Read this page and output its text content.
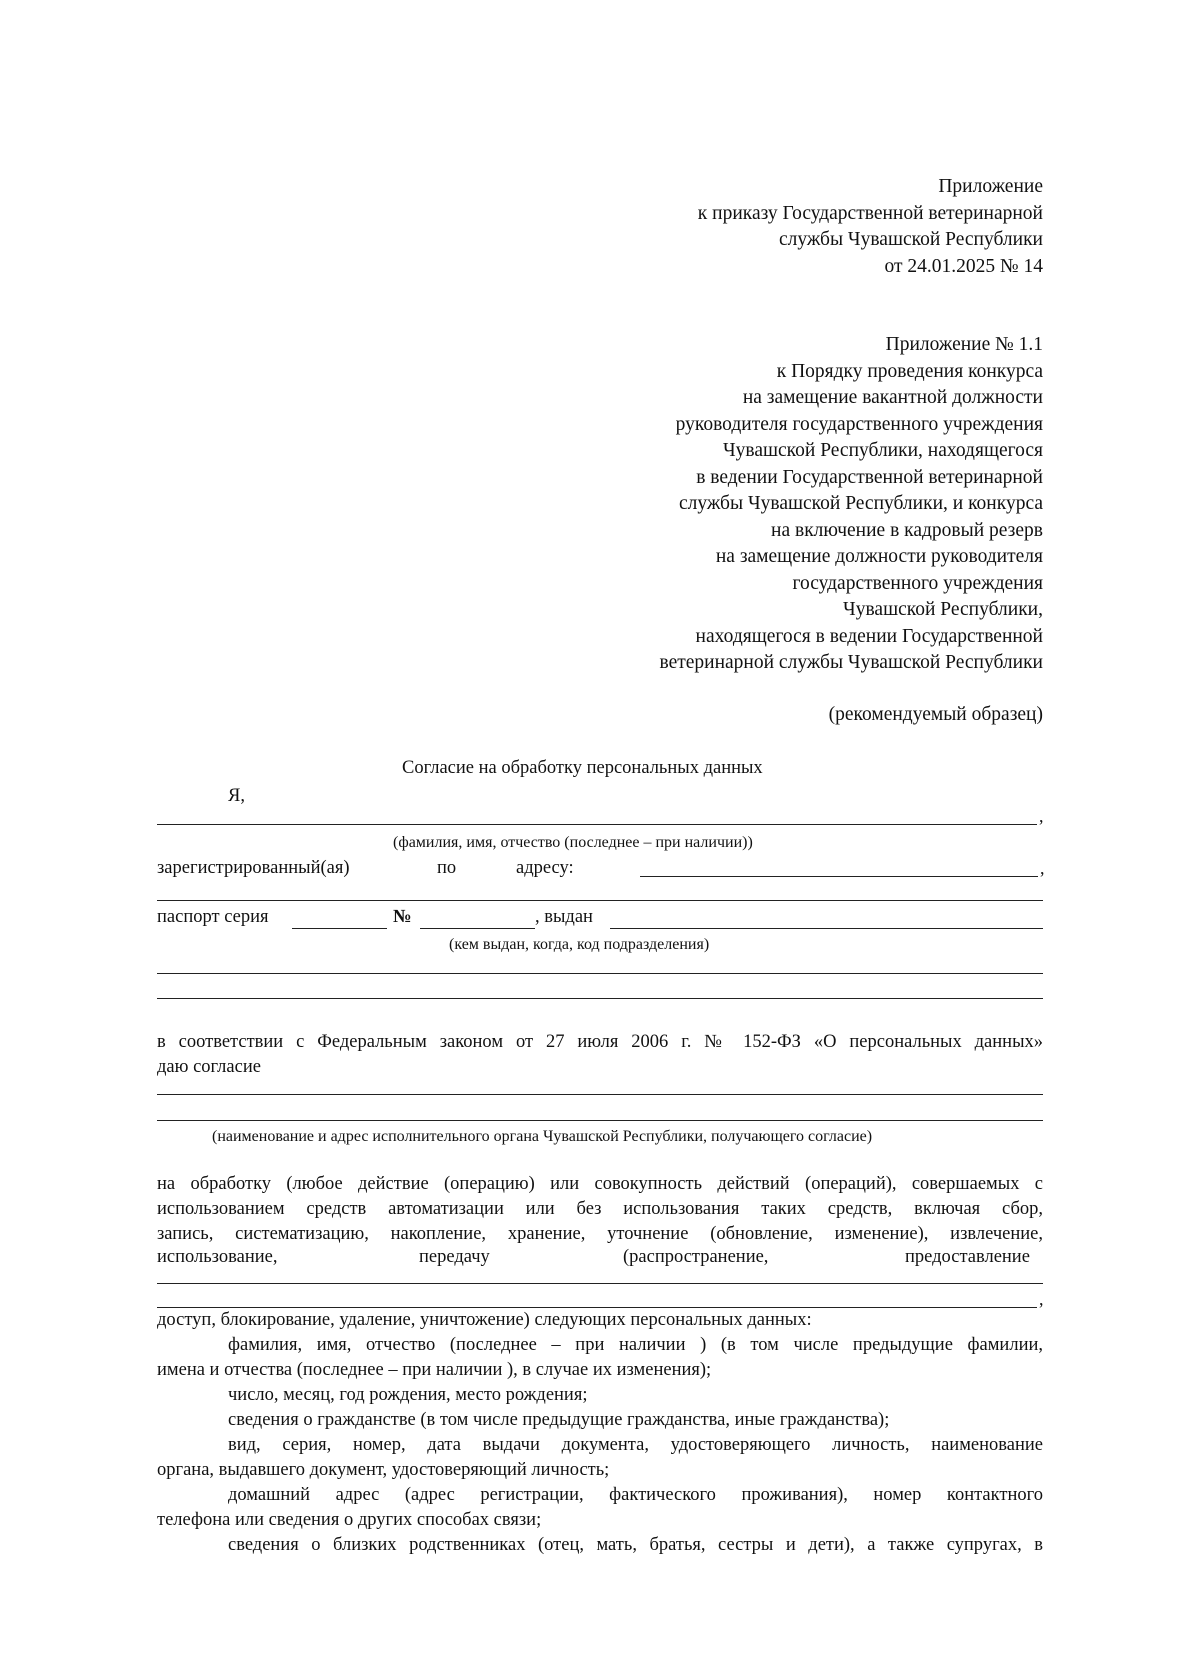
Приложение
к приказу Государственной ветеринарной
службы Чувашской Республики
от 24.01.2025 № 14
Приложение № 1.1
к Порядку проведения конкурса
на замещение вакантной должности
руководителя государственного учреждения
Чувашской Республики, находящегося
в ведении Государственной ветеринарной
службы Чувашской Республики, и конкурса
на включение в кадровый резерв
на замещение должности руководителя
государственного учреждения
Чувашской Республики,
находящегося в ведении Государственной
ветеринарной службы Чувашской Республики
(рекомендуемый образец)
Согласие на обработку персональных данных
Я,
,
(фамилия, имя, отчество (последнее – при наличии))
зарегистрированный(ая)	по	адресу:	,
паспорт серия	№	, выдан
(кем выдан, когда, код подразделения)
в соответствии с Федеральным законом от 27 июля 2006 г. № 152-ФЗ «О персональных данных»
даю согласие
(наименование и адрес исполнительного органа Чувашской Республики, получающего согласие)
на обработку (любое действие (операцию) или совокупность действий (операций), совершаемых с
использованием средств автоматизации или без использования таких средств, включая сбор,
запись, систематизацию, накопление, хранение, уточнение (обновление, изменение), извлечение,
использование,	передачу	(распространение,	предоставление
,
доступ, блокирование, удаление, уничтожение) следующих персональных данных:
фамилия, имя, отчество (последнее – при наличии ) (в том числе предыдущие фамилии,
имена и отчества (последнее – при наличии ), в случае их изменения);
число, месяц, год рождения, место рождения;
сведения о гражданстве (в том числе предыдущие гражданства, иные гражданства);
вид, серия, номер, дата выдачи документа, удостоверяющего личность, наименование
органа, выдавшего документ, удостоверяющий личность;
домашний адрес (адрес регистрации, фактического проживания), номер контактного
телефона или сведения о других способах связи;
сведения о близких родственниках (отец, мать, братья, сестры и дети), а также супругах, в
